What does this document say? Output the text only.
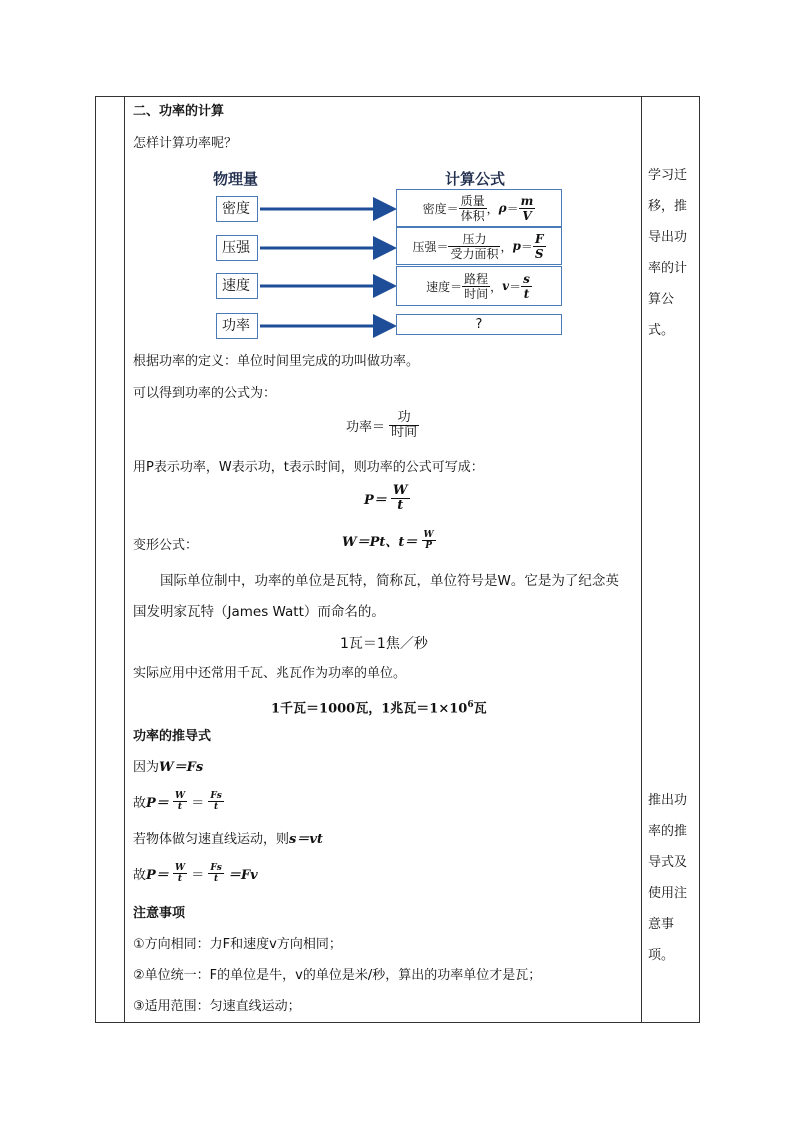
二、功率的计算
怎样计算功率呢？
物理量	计算公式
密度
压强
速度
功率
密度＝ $\frac{\text{质量}}{\text{体积}}$ ， $\rho = \frac{m}{V}$
压强＝ $\frac{\text{压力}}{\text{受力面积}}$ ， $p = \frac{F}{S}$
速度＝ $\frac{\text{路程}}{\text{时间}}$ ， $v = \frac{s}{t}$
?
根据功率的定义：单位时间里完成的功叫做功率。
可以得到功率的公式为：
功率＝ $\frac{\text{功}}{\text{时间}}$
用P表示功率，W表示功，t表示时间，则功率的公式可写成：
$P= \frac{W}{t}$
变形公式：	W＝Pt、$t= \frac{W}{P}$
国际单位制中，功率的单位是瓦特，简称瓦，单位符号是W。它是为了纪念英
国发明家瓦特（James Watt）而命名的。
1瓦＝1焦／秒
实际应用中还常用千瓦、兆瓦作为功率的单位。
1千瓦＝1000瓦，1兆瓦$=1\times 10^6$瓦
功率的推导式
因为W＝Fs
故$P= \frac{W}{t} = \frac{Fs}{t}$
若物体做匀速直线运动，则s＝vt
故$P= \frac{W}{t} = \frac{Fs}{t} =Fv$
注意事项
①方向相同：力F和速度v方向相同；
②单位统一：F的单位是牛，v的单位是米/秒，算出的功率单位才是瓦；
③适用范围：匀速直线运动；
学习迁
移，推
导出功
率的计
算公
式。
推出功
率的推
导式及
使用注
意事
项。
